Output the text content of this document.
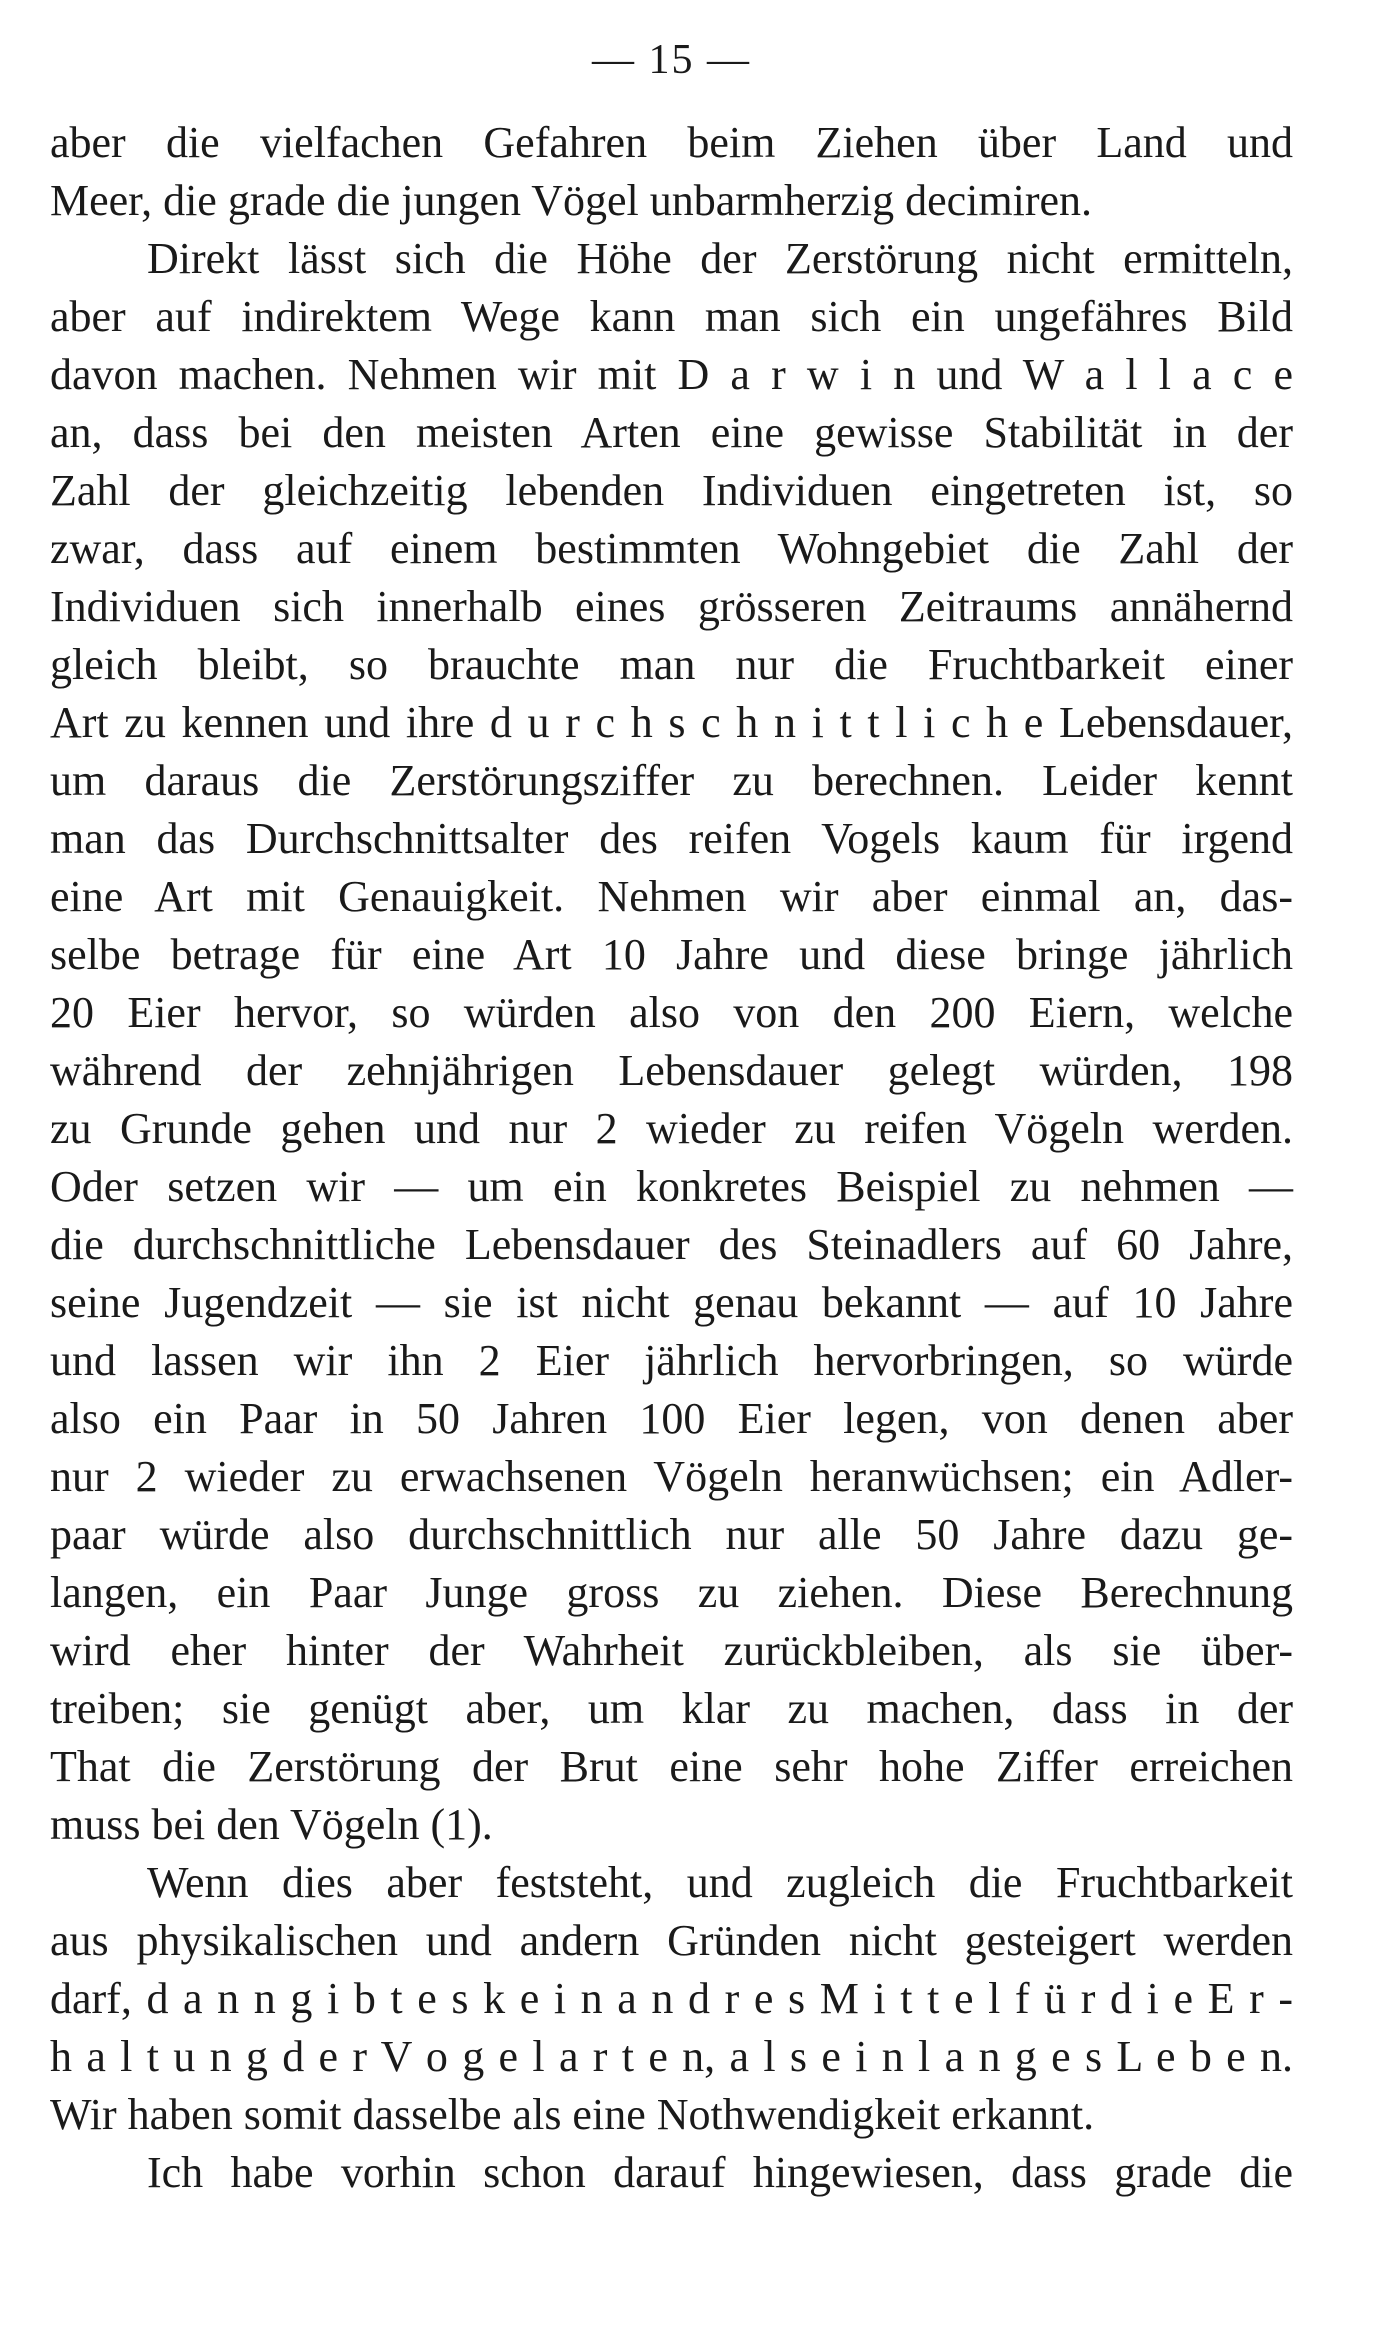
— 15 —
aber die vielfachen Gefahren beim Ziehen über Land und
Meer, die grade die jungen Vögel unbarmherzig decimiren.
Direkt lässt sich die Höhe der Zerstörung nicht ermitteln,
aber auf indirektem Wege kann man sich ein ungefähres Bild
davon machen. Nehmen wir mit D a r w i n und W a l l a c e
an, dass bei den meisten Arten eine gewisse Stabilität in der
Zahl der gleichzeitig lebenden Individuen eingetreten ist, so
zwar, dass auf einem bestimmten Wohngebiet die Zahl der
Individuen sich innerhalb eines grösseren Zeitraums annähernd
gleich bleibt, so brauchte man nur die Fruchtbarkeit einer
Art zu kennen und ihre d u r c h s c h n i t t l i c h e Lebensdauer,
um daraus die Zerstörungsziffer zu berechnen. Leider kennt
man das Durchschnittsalter des reifen Vogels kaum für irgend
eine Art mit Genauigkeit. Nehmen wir aber einmal an, das-
selbe betrage für eine Art 10 Jahre und diese bringe jährlich
20 Eier hervor, so würden also von den 200 Eiern, welche
während der zehnjährigen Lebensdauer gelegt würden, 198
zu Grunde gehen und nur 2 wieder zu reifen Vögeln werden.
Oder setzen wir — um ein konkretes Beispiel zu nehmen —
die durchschnittliche Lebensdauer des Steinadlers auf 60 Jahre,
seine Jugendzeit — sie ist nicht genau bekannt — auf 10 Jahre
und lassen wir ihn 2 Eier jährlich hervorbringen, so würde
also ein Paar in 50 Jahren 100 Eier legen, von denen aber
nur 2 wieder zu erwachsenen Vögeln heranwüchsen; ein Adler-
paar würde also durchschnittlich nur alle 50 Jahre dazu ge-
langen, ein Paar Junge gross zu ziehen. Diese Berechnung
wird eher hinter der Wahrheit zurückbleiben, als sie über-
treiben; sie genügt aber, um klar zu machen, dass in der
That die Zerstörung der Brut eine sehr hohe Ziffer erreichen
muss bei den Vögeln (1).
Wenn dies aber feststeht, und zugleich die Fruchtbarkeit
aus physikalischen und andern Gründen nicht gesteigert werden
darf, d a n n g i b t e s k e i n a n d r e s M i t t e l f ü r d i e E r -
h a l t u n g d e r V o g e l a r t e n, a l s e i n l a n g e s L e b e n.
Wir haben somit dasselbe als eine Nothwendigkeit erkannt.
Ich habe vorhin schon darauf hingewiesen, dass grade die
